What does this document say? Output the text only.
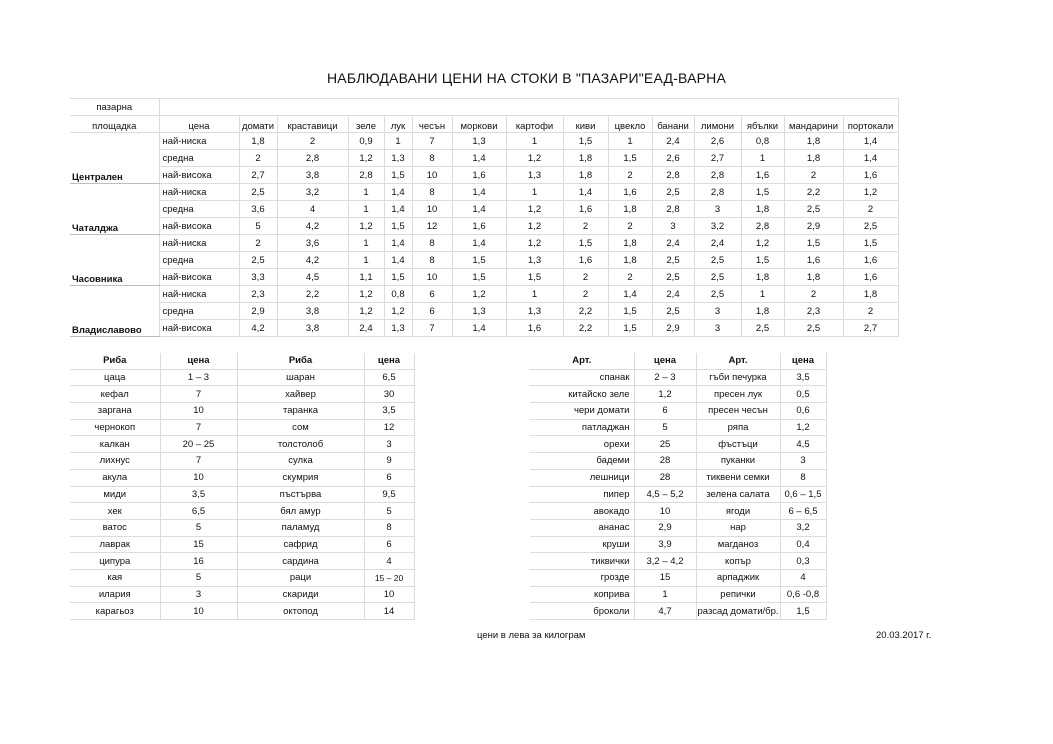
НАБЛЮДАВАНИ ЦЕНИ НА СТОКИ В "ПАЗАРИ"ЕАД-ВАРНА
пазарна															
площадка	цена	домати	краставици	зеле	лук	чесън	моркови	картофи	киви	цвекло	банани	лимони	ябълки	мандарини	портокали
Централен	най-ниска	1,8	2	0,9	1	7	1,3	1	1,5	1	2,4	2,6	0,8	1,8	1,4
	средна	2	2,8	1,2	1,3	8	1,4	1,2	1,8	1,5	2,6	2,7	1	1,8	1,4
	най-висока	2,7	3,8	2,8	1,5	10	1,6	1,3	1,8	2	2,8	2,8	1,6	2	1,6
Чаталджа	най-ниска	2,5	3,2	1	1,4	8	1,4	1	1,4	1,6	2,5	2,8	1,5	2,2	1,2
	средна	3,6	4	1	1,4	10	1,4	1,2	1,6	1,8	2,8	3	1,8	2,5	2
	най-висока	5	4,2	1,2	1,5	12	1,6	1,2	2	2	3	3,2	2,8	2,9	2,5
Часовника	най-ниска	2	3,6	1	1,4	8	1,4	1,2	1,5	1,8	2,4	2,4	1,2	1,5	1,5
	средна	2,5	4,2	1	1,4	8	1,5	1,3	1,6	1,8	2,5	2,5	1,5	1,6	1,6
	най-висока	3,3	4,5	1,1	1,5	10	1,5	1,5	2	2	2,5	2,5	1,8	1,8	1,6
Владиславово	най-ниска	2,3	2,2	1,2	0,8	6	1,2	1	2	1,4	2,4	2,5	1	2	1,8
	средна	2,9	3,8	1,2	1,2	6	1,3	1,3	2,2	1,5	2,5	3	1,8	2,3	2
	най-висока	4,2	3,8	2,4	1,3	7	1,4	1,6	2,2	1,5	2,9	3	2,5	2,5	2,7
Риба	цена	Риба	цена
цаца	1 – 3	шаран	6,5
кефал	7	хайвер	30
заргана	10	таранка	3,5
чернокоп	7	сом	12
калкан	20 – 25	толстолоб	3
лихнус	7	сулка	9
акула	10	скумрия	6
миди	3,5	пъстърва	9,5
хек	6,5	бял амур	5
ватос	5	паламуд	8
лаврак	15	сафрид	6
ципура	16	сардина	4
кая	5	раци	15 – 20
илария	3	скариди	10
карагьоз	10	октопод	14
Арт.	цена	Арт.	цена
спанак	2 – 3	гъби печурка	3,5
китайско зеле	1,2	пресен лук	0,5
чери домати	6	пресен чесън	0,6
патладжан	5	ряпа	1,2
орехи	25	фъстъци	4,5
бадеми	28	пуканки	3
лешници	28	тиквени семки	8
пипер	4,5 – 5,2	зелена салата	0,6 – 1,5
авокадо	10	ягоди	6 – 6,5
ананас	2,9	нар	3,2
круши	3,9	магданоз	0,4
тиквички	3,2 – 4,2	копър	0,3
грозде	15	арпаджик	4
коприва	1	репички	0,6 -0,8
броколи	4,7	разсад домати/бр.	1,5
цени в лева за килограм	20.03.2017 г.
